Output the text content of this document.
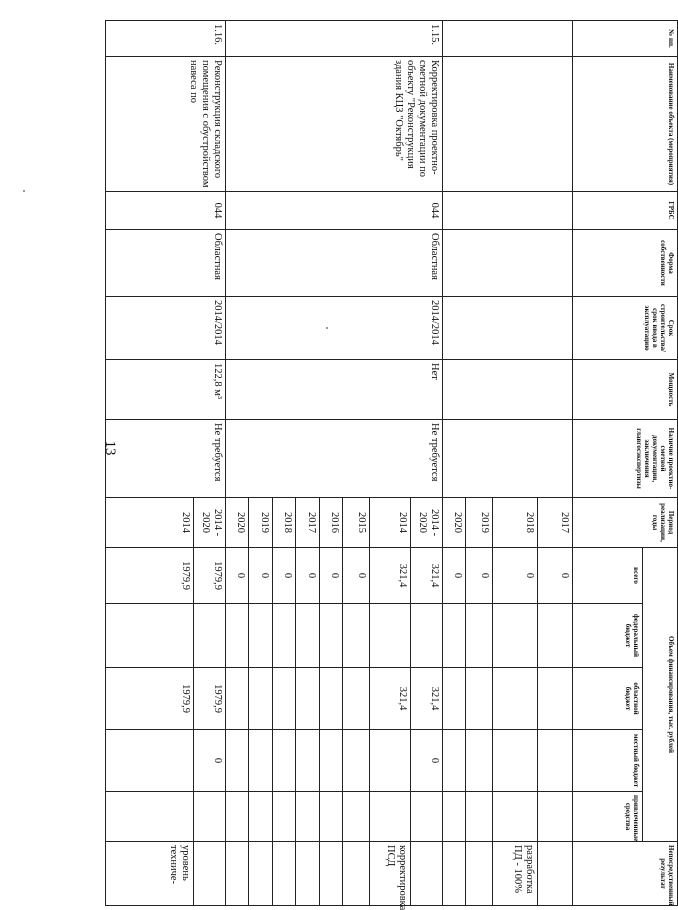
13
№ пп.	Наименование объекта (мероприятия)	ГРБС	Форма собственности	Срок строительства/срок ввода в эксплуатацию	Мощность	Наличие проектно-сметной документации, заключения главгосэкспертизы	Период реализации, годы	Объем финансирования, тыс. рублей					Непосредственный результат
								всего	федеральный бюджет	областной бюджет	местный бюджет	привлеченные средства	
							2017	0					
							2018	0					разработка ПД - 100%
							2019	0					
							2020	0					
1.15.	Корректировка проектно-сметной документации по объекту "Реконструкция здания КЦЗ "Октябрь"	044	Областная	2014/2014	Нет	Не требуется	2014 - 2020	321,4		321,4	0		
							2014	321,4		321,4			корректировка ПСД
							2015	0					
							2016	0					
							2017	0					
							2018	0					
							2019	0					
							2020	0					
1.16.	Реконструкция складского помещения с обустройством навеса по	044	Областная	2014/2014	122,8 м³	Не требуется	2014 - 2020	1979,9		1979,9	0		
							2014	1979,9		1979,9			уровень техниче-
